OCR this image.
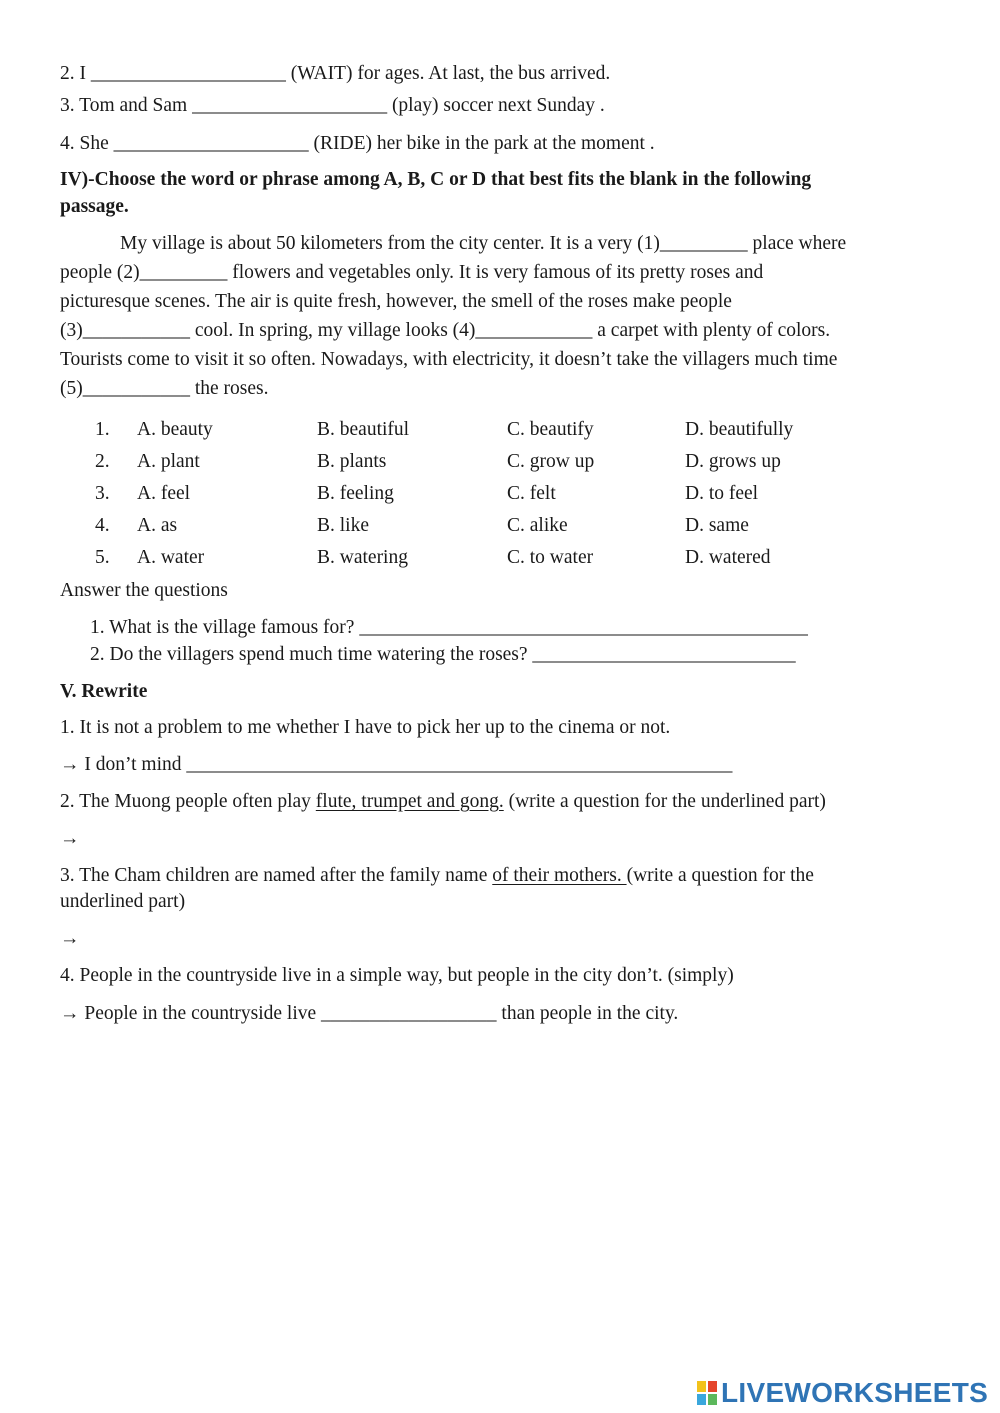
2. I ____________________ (WAIT) for ages. At last, the bus arrived.
3. Tom and Sam ____________________ (play) soccer next Sunday .
4. She ____________________ (RIDE) her bike in the park at the moment .
IV)-Choose the word or phrase among A, B, C or D that best fits the blank in the following
passage.
My village is about 50 kilometers from the city center. It is a very (1)_________ place where
people (2)_________ flowers and vegetables only. It is very famous of its pretty roses and
picturesque scenes. The air is quite fresh, however, the smell of the roses make people
(3)___________ cool. In spring, my village looks (4)____________ a carpet with plenty of colors.
Tourists come to visit it so often. Nowadays, with electricity, it doesn’t take the villagers much time
(5)___________ the roses.
1. A. beauty	B. beautiful	C. beautify	D. beautifully
2. A. plant	B. plants	C. grow up	D. grows up
3. A. feel	B. feeling	C. felt	D. to feel
4. A. as	B. like	C. alike	D. same
5. A. water	B. watering	C. to water	D. watered
Answer the questions
1. What is the village famous for? ______________________________________________
2. Do the villagers spend much time watering the roses? ___________________________
V. Rewrite
1. It is not a problem to me whether I have to pick her up to the cinema or not.
→ I don’t mind ________________________________________________________
2. The Muong people often play flute, trumpet and gong. (write a question for the underlined part)
→
3. The Cham children are named after the family name of their mothers. (write a question for the
underlined part)
→
4. People in the countryside live in a simple way, but people in the city don’t. (simply)
→ People in the countryside live __________________ than people in the city.
LIVEWORKSHEETS
